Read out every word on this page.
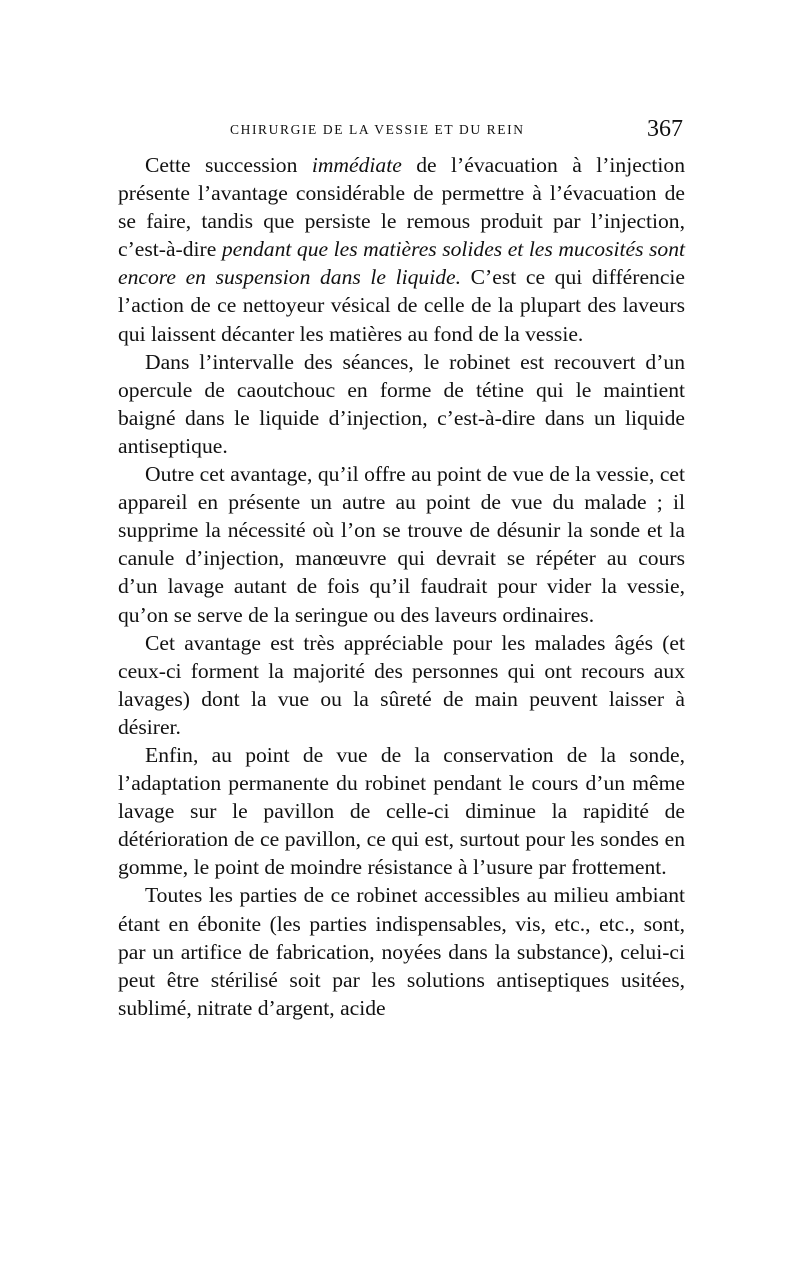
CHIRURGIE DE LA VESSIE ET DU REIN	367

Cette succession immédiate de l’évacuation à l’injection présente l’avantage considérable de permettre à l’évacuation de se faire, tandis que persiste le remous produit par l’injection, c’est-à-dire pendant que les matières solides et les mucosités sont encore en suspension dans le liquide. C’est ce qui différencie l’action de ce nettoyeur vésical de celle de la plupart des laveurs qui laissent décanter les matières au fond de la vessie.

Dans l’intervalle des séances, le robinet est recouvert d’un opercule de caoutchouc en forme de tétine qui le maintient baigné dans le liquide d’injection, c’est-à-dire dans un liquide antiseptique.

Outre cet avantage, qu’il offre au point de vue de la vessie, cet appareil en présente un autre au point de vue du malade ; il supprime la nécessité où l’on se trouve de désunir la sonde et la canule d’injection, manœuvre qui devrait se répéter au cours d’un lavage autant de fois qu’il faudrait pour vider la vessie, qu’on se serve de la seringue ou des laveurs ordinaires.

Cet avantage est très appréciable pour les malades âgés (et ceux-ci forment la majorité des personnes qui ont recours aux lavages) dont la vue ou la sûreté de main peuvent laisser à désirer.

Enfin, au point de vue de la conservation de la sonde, l’adaptation permanente du robinet pendant le cours d’un même lavage sur le pavillon de celle-ci diminue la rapidité de détérioration de ce pavillon, ce qui est, surtout pour les sondes en gomme, le point de moindre résistance à l’usure par frottement.

Toutes les parties de ce robinet accessibles au milieu ambiant étant en ébonite (les parties indispensables, vis, etc., etc., sont, par un artifice de fabrication, noyées dans la substance), celui-ci peut être stérilisé soit par les solutions antiseptiques usitées, sublimé, nitrate d’argent, acide
